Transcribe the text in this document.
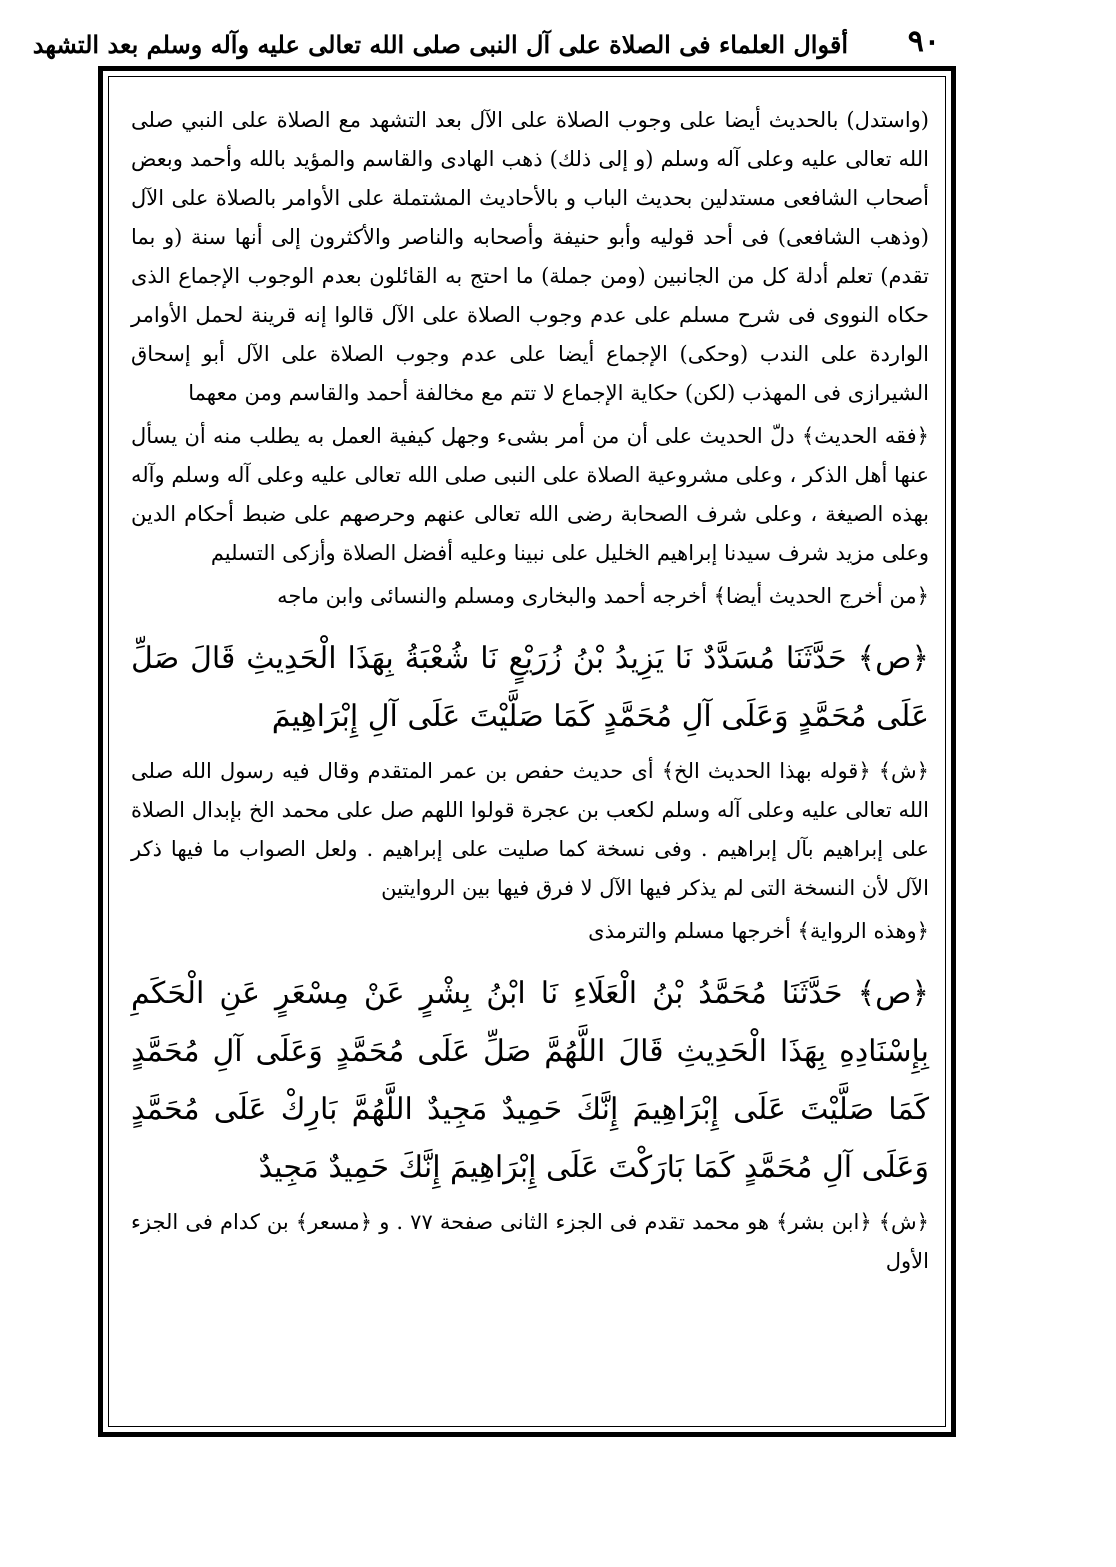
٩٠
أقوال العلماء فى الصلاة على آل النبى صلى الله تعالى عليه وآله وسلم بعد التشهد

(واستدل) بالحديث أيضا على وجوب الصلاة على الآل بعد التشهد مع الصلاة على النبي صلى الله تعالى عليه وعلى آله وسلم (و إلى ذلك) ذهب الهادى والقاسم والمؤيد بالله وأحمد وبعض أصحاب الشافعى مستدلين بحديث الباب و بالأحاديث المشتملة على الأوامر بالصلاة على الآل (وذهب الشافعى) فى أحد قوليه وأبو حنيفة وأصحابه والناصر والأكثرون إلى أنها سنة (و بما تقدم) تعلم أدلة كل من الجانبين (ومن جملة) ما احتج به القائلون بعدم الوجوب الإجماع الذى حكاه النووى فى شرح مسلم على عدم وجوب الصلاة على الآل قالوا إنه قرينة لحمل الأوامر الواردة على الندب (وحكى) الإجماع أيضا على عدم وجوب الصلاة على الآل أبو إسحاق الشيرازى فى المهذب (لكن) حكاية الإجماع لا تتم مع مخالفة أحمد والقاسم ومن معهما

﴿فقه الحديث﴾ دلّ الحديث على أن من أمر بشىء وجهل كيفية العمل به يطلب منه أن يسأل عنها أهل الذكر ، وعلى مشروعية الصلاة على النبى صلى الله تعالى عليه وعلى آله وسلم وآله بهذه الصيغة ، وعلى شرف الصحابة رضى الله تعالى عنهم وحرصهم على ضبط أحكام الدين وعلى مزيد شرف سيدنا إبراهيم الخليل على نبينا وعليه أفضل الصلاة وأزكى التسليم

﴿من أخرج الحديث أيضا﴾ أخرجه أحمد والبخارى ومسلم والنسائى وابن ماجه

﴿ص﴾ حَدَّثَنَا مُسَدَّدٌ نَا يَزِيدُ بْنُ زُرَيْعٍ نَا شُعْبَةُ بِهَذَا الْحَدِيثِ قَالَ صَلِّ عَلَى مُحَمَّدٍ وَعَلَى آلِ مُحَمَّدٍ كَمَا صَلَّيْتَ عَلَى آلِ إِبْرَاهِيمَ

﴿ش﴾ ﴿قوله بهذا الحديث الخ﴾ أى حديث حفص بن عمر المتقدم وقال فيه رسول الله صلى الله تعالى عليه وعلى آله وسلم لكعب بن عجرة قولوا اللهم صل على محمد الخ بإبدال الصلاة على إبراهيم بآل إبراهيم . وفى نسخة كما صليت على إبراهيم . ولعل الصواب ما فيها ذكر الآل لأن النسخة التى لم يذكر فيها الآل لا فرق فيها بين الروايتين

﴿وهذه الرواية﴾ أخرجها مسلم والترمذى

﴿ص﴾ حَدَّثَنَا مُحَمَّدُ بْنُ الْعَلَاءِ نَا ابْنُ بِشْرٍ عَنْ مِسْعَرٍ عَنِ الْحَكَمِ بِإِسْنَادِهِ بِهَذَا الْحَدِيثِ قَالَ اللَّهُمَّ صَلِّ عَلَى مُحَمَّدٍ وَعَلَى آلِ مُحَمَّدٍ كَمَا صَلَّيْتَ عَلَى إِبْرَاهِيمَ إِنَّكَ حَمِيدٌ مَجِيدٌ اللَّهُمَّ بَارِكْ عَلَى مُحَمَّدٍ وَعَلَى آلِ مُحَمَّدٍ كَمَا بَارَكْتَ عَلَى إِبْرَاهِيمَ إِنَّكَ حَمِيدٌ مَجِيدٌ

﴿ش﴾ ﴿ابن بشر﴾ هو محمد تقدم فى الجزء الثانى صفحة ٧٧ . و ﴿مسعر﴾ بن كدام فى الجزء الأول
